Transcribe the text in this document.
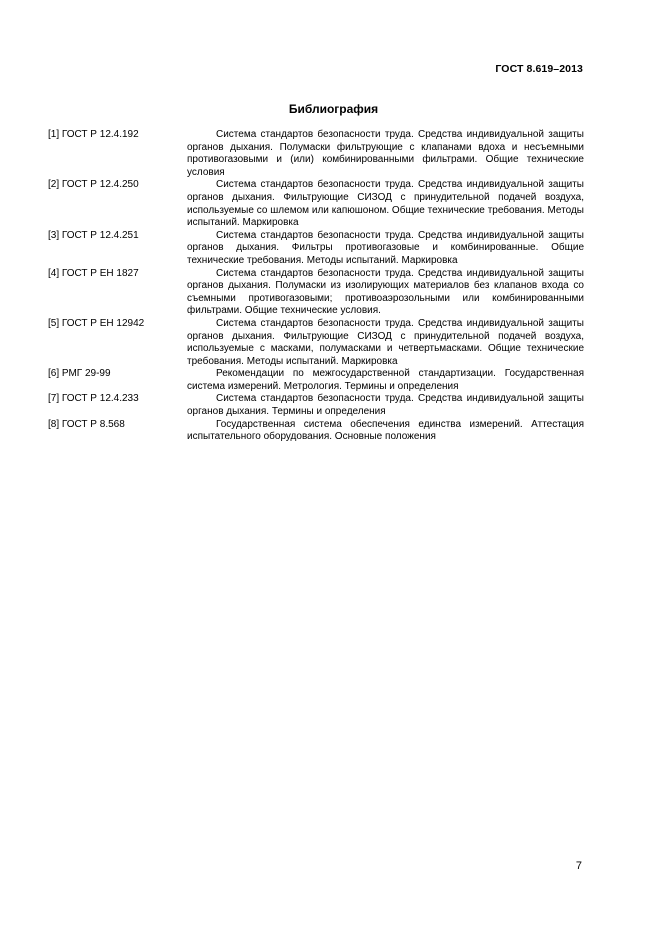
ГОСТ 8.619–2013
Библиография
[1] ГОСТ Р 12.4.192	Система стандартов безопасности труда. Средства индивидуальной защиты органов дыхания. Полумаски фильтрующие с клапанами вдоха и несъемными противогазовыми и (или) комбинированными фильтрами. Общие технические условия
[2] ГОСТ Р 12.4.250	Система стандартов безопасности труда. Средства индивидуальной защиты органов дыхания. Фильтрующие СИЗОД с принудительной подачей воздуха, используемые со шлемом или капюшоном. Общие технические требования. Методы испытаний. Маркировка
[3] ГОСТ Р 12.4.251	Система стандартов безопасности труда. Средства индивидуальной защиты органов дыхания. Фильтры противогазовые и комбинированные. Общие технические требования. Методы испытаний. Маркировка
[4] ГОСТ Р ЕН 1827	Система стандартов безопасности труда. Средства индивидуальной защиты органов дыхания. Полумаски из изолирующих материалов без клапанов входа со съемными противогазовыми; противоаэрозольными или комбинированными фильтрами. Общие технические условия.
[5] ГОСТ Р ЕН 12942	Система стандартов безопасности труда. Средства индивидуальной защиты органов дыхания. Фильтрующие СИЗОД с принудительной подачей воздуха, используемые с масками, полумасками и четвертьмасками. Общие технические требования. Методы испытаний. Маркировка
[6] РМГ 29-99	Рекомендации по межгосударственной стандартизации. Государственная система измерений. Метрология. Термины и определения
[7] ГОСТ Р 12.4.233	Система стандартов безопасности труда. Средства индивидуальной защиты органов дыхания. Термины и определения
[8] ГОСТ Р 8.568	Государственная система обеспечения единства измерений. Аттестация испытательного оборудования. Основные положения
7
